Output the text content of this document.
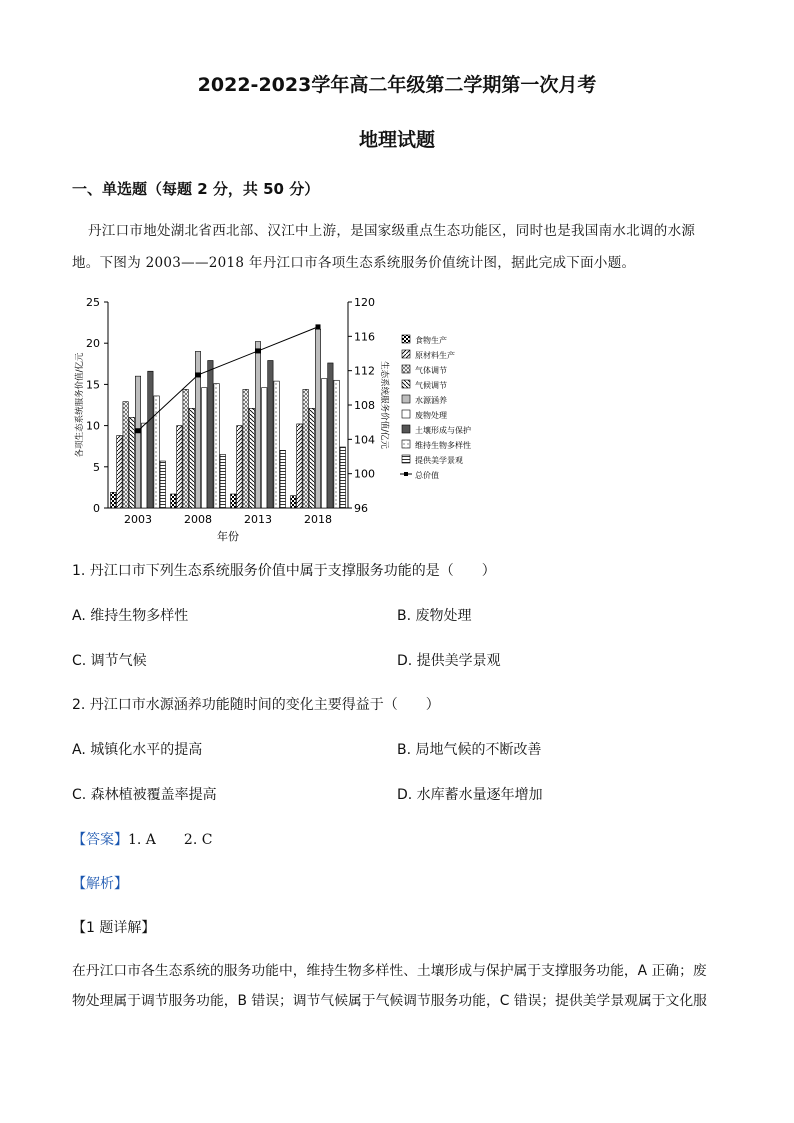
2022-2023学年高二年级第二学期第一次月考
地理试题
一、单选题（每题 2 分，共 50 分）
丹江口市地处湖北省西北部、汉江中上游，是国家级重点生态功能区，同时也是我国南水北调的水源
地。下图为 2003——2018 年丹江口市各项生态系统服务价值统计图，据此完成下面小题。
0
5
10
15
20
25
96
100
104
108
112
116
120
各项生态系统服务价值/亿元	生态系统服务价值/亿元
2003	2008	2013	2018
年份
食物生产
原材料生产
气体调节
气候调节
水源涵养
废物处理
土壤形成与保护
维持生物多样性
提供美学景观
总价值
1. 丹江口市下列生态系统服务价值中属于支撑服务功能的是（　　）
A. 维持生物多样性	B. 废物处理
C. 调节气候	D. 提供美学景观
2. 丹江口市水源涵养功能随时间的变化主要得益于（　　）
A. 城镇化水平的提高	B. 局地气候的不断改善
C. 森林植被覆盖率提高	D. 水库蓄水量逐年增加
【答案】1. A　　2. C
【解析】
【1 题详解】
在丹江口市各生态系统的服务功能中，维持生物多样性、土壤形成与保护属于支撑服务功能，A 正确；废
物处理属于调节服务功能，B 错误；调节气候属于气候调节服务功能，C 错误；提供美学景观属于文化服
